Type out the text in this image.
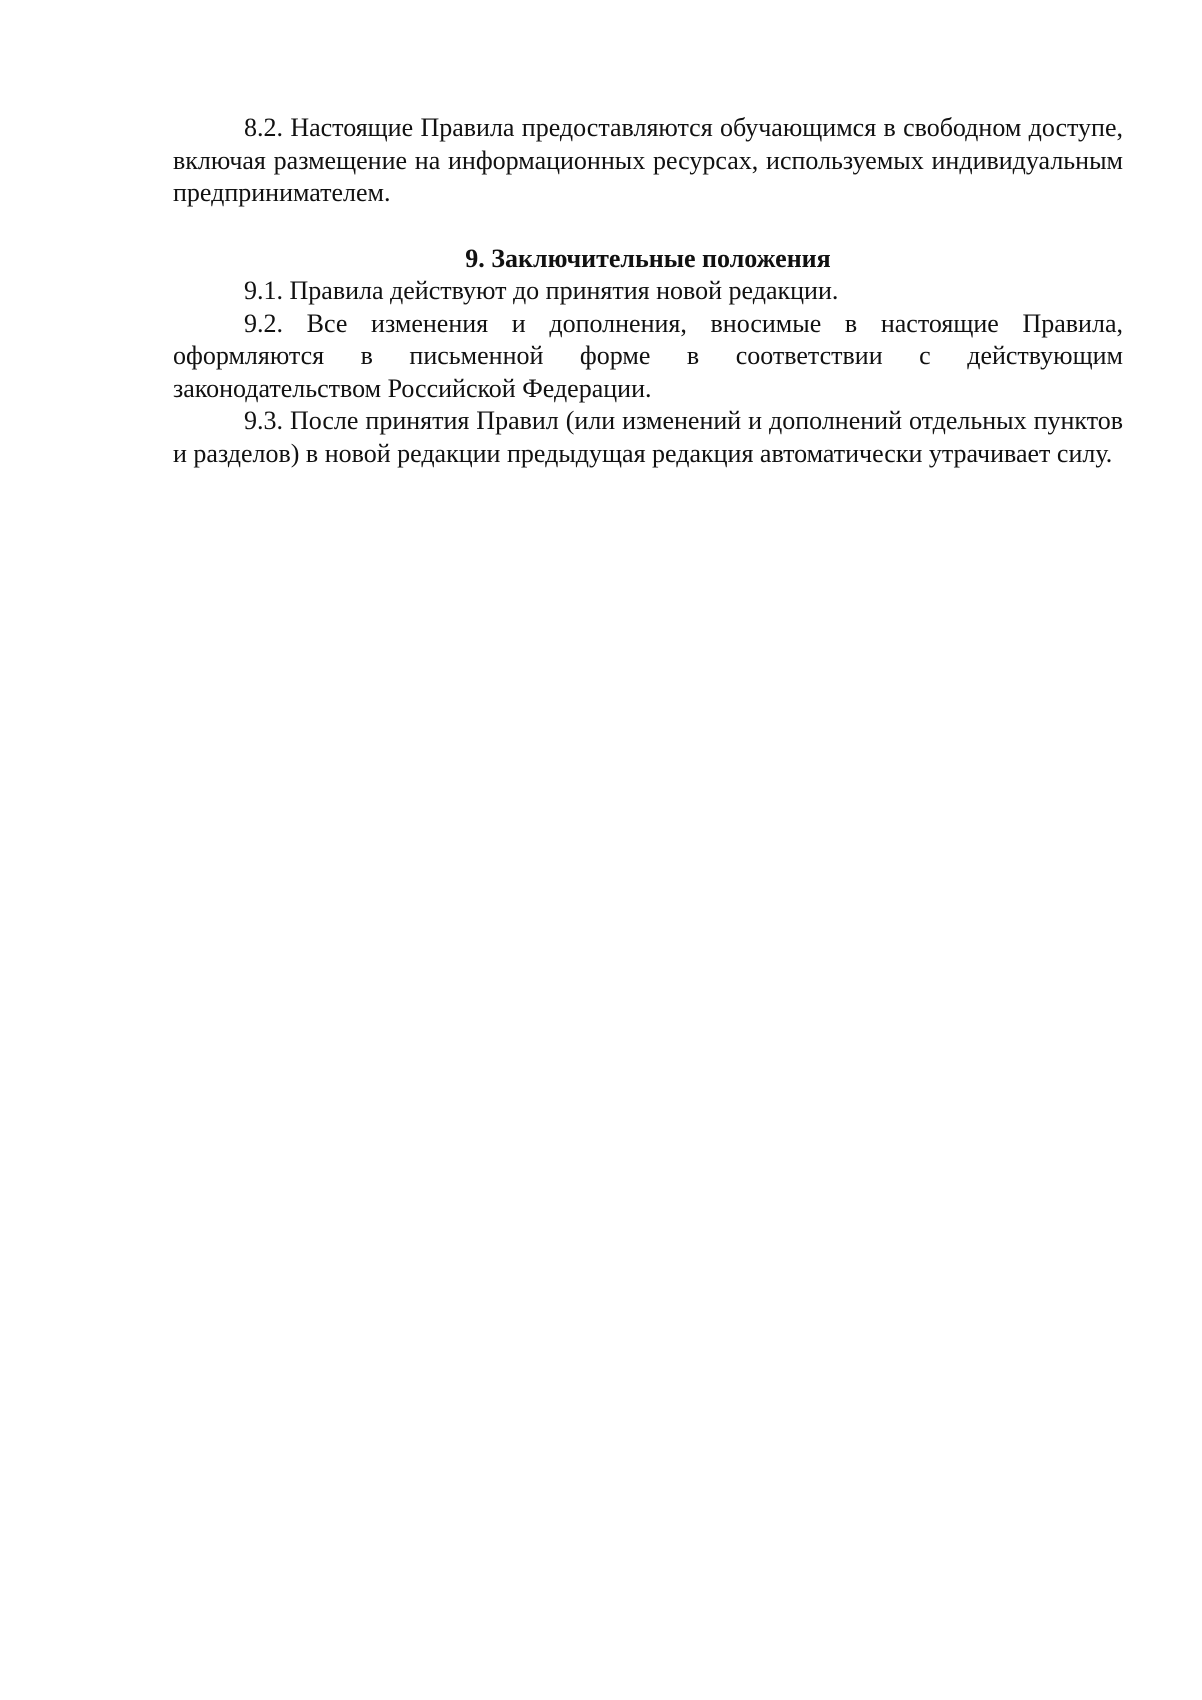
8.2. Настоящие Правила предоставляются обучающимся в свободном доступе, включая размещение на информационных ресурсах, используемых индивидуальным предпринимателем.

9. Заключительные положения

9.1. Правила действуют до принятия новой редакции.

9.2. Все изменения и дополнения, вносимые в настоящие Правила, оформляются в письменной форме в соответствии с действующим законодательством Российской Федерации.

9.3. После принятия Правил (или изменений и дополнений отдельных пунктов и разделов) в новой редакции предыдущая редакция автоматически утрачивает силу.
